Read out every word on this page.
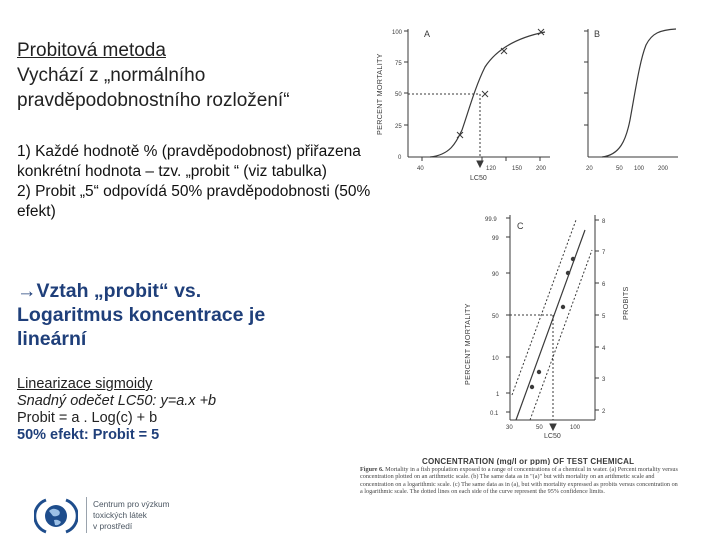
Probitová metoda
Vychází z „normálního
pravděpodobnostního rozložení“
1) Každé hodnotě % (pravděpodobnost) přiřazena konkrétní hodnota – tzv. „probit “ (viz tabulka)
2) Probit „5“ odpovídá 50% pravděpodobnosti (50% efekt)
→Vztah „probit“ vs. Logaritmus koncentrace je lineární
Linearizace sigmoidy
Snadný odečet LC50: y=a.x +b
Probit = a . Log(c) + b
50% efekt: Probit = 5
A	B
C
PERCENT MORTALITY
PERCENT MORTALITY
PROBITS
100
75
50
25
0
40	120	150 200
LC50
20	50 100 200
99.9
99
90
50
10
1
0.1
8
7
6
5
4
3
2
30	50	100
LC50
CONCENTRATION (mg/l or ppm) OF TEST CHEMICAL
Figure 6. Mortality in a fish population exposed to a range of concentrations of a chemical in water. (a) Percent mortality versus concentration plotted on an arithmetic scale. (b) The same data as in "(a)" but with mortality on an arithmetic scale and concentration on a logarithmic scale. (c) The same data as in (a), but with mortality expressed as probits versus concentration on a logarithmic scale. The dotted lines on each side of the curve represent the 95% confidence limits.
Centrum pro výzkum
toxických látek
v prostředí
